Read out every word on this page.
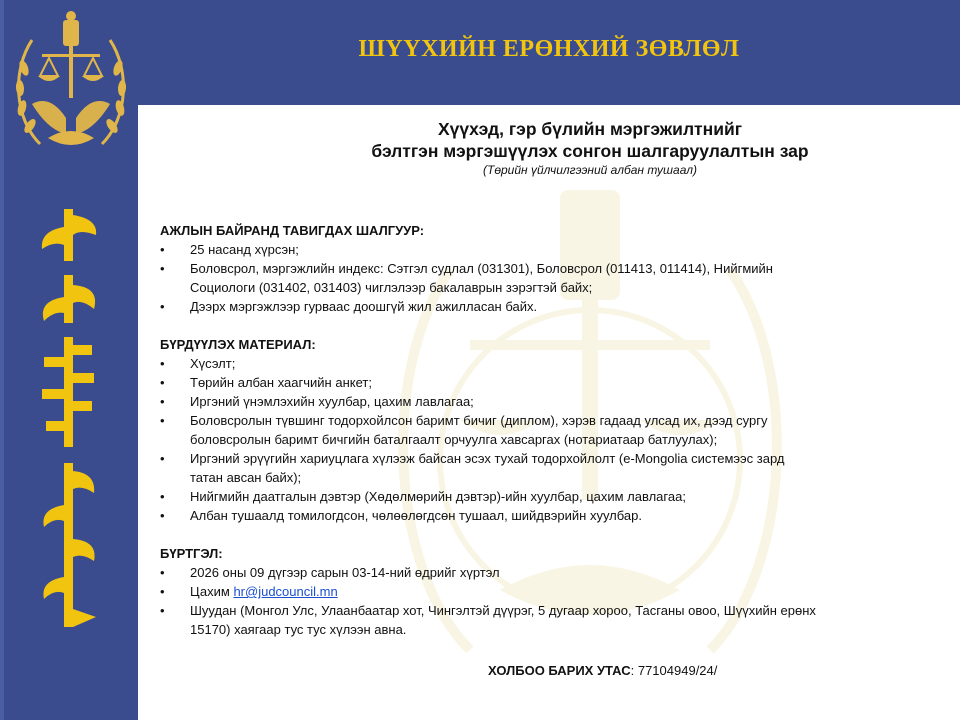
ШҮҮХИЙН ЕРӨНХИЙ ЗӨВЛӨЛ
Хүүхэд, гэр бүлийн мэргэжилтнийг
бэлтгэн мэргэшүүлэх сонгон шалгаруулалтын зар
(Төрийн үйлчилгээний албан тушаал)
АЖЛЫН БАЙРАНД ТАВИГДАХ ШАЛГУУР:
• 25 насанд хүрсэн;
• Боловсрол, мэргэжлийн индекс: Сэтгэл судлал (031301), Боловсрол (011413, 011414), Нийгмийн
Социологи (031402, 031403) чиглэлээр бакалаврын зэрэгтэй байх;
• Дээрх мэргэжлээр гурваас доошгүй жил ажилласан байх.
БҮРДҮҮЛЭХ МАТЕРИАЛ:
• Хүсэлт;
• Төрийн албан хаагчийн анкет;
• Иргэний үнэмлэхийн хуулбар, цахим лавлагаа;
• Боловсролын түвшинг тодорхойлсон баримт бичиг (диплом), хэрэв гадаад улсад их, дээд сургу
боловсролын баримт бичгийн баталгаалт орчуулга хавсаргах (нотариатаар батлуулах);
• Иргэний эрүүгийн хариуцлага хүлээж байсан эсэх тухай тодорхойлолт (e-Mongolia системээс зард
татан авсан байх);
• Нийгмийн даатгалын дэвтэр (Хөдөлмөрийн дэвтэр)-ийн хуулбар, цахим лавлагаа;
• Албан тушаалд томилогдсон, чөлөөлөгдсөн тушаал, шийдвэрийн хуулбар.
БҮРТГЭЛ:
• 2026 оны 09 дүгээр сарын 03-14-ний өдрийг хүртэл
• Цахим hr@judcouncil.mn
• Шуудан (Монгол Улс, Улаанбаатар хот, Чингэлтэй дүүрэг, 5 дугаар хороо, Тасганы овоо, Шүүхийн ерөнх
15170) хаягаар тус тус хүлээн авна.
ХОЛБОО БАРИХ УТАС: 77104949/24/
